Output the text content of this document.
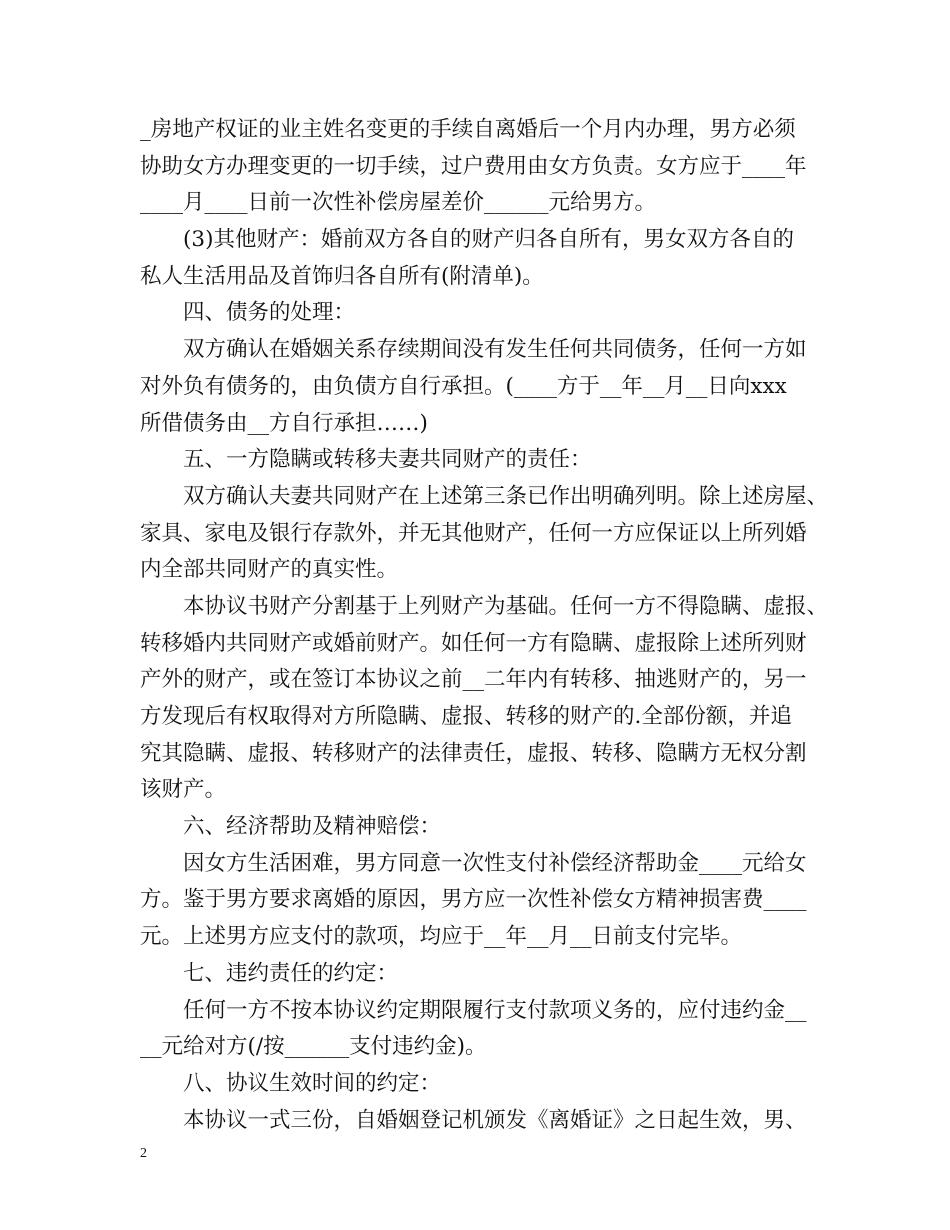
_房地产权证的业主姓名变更的手续自离婚后一个月内办理，男方必须
协助女方办理变更的一切手续，过户费用由女方负责。女方应于____年
____月____日前一次性补偿房屋差价______元给男方。
(3)其他财产：婚前双方各自的财产归各自所有，男女双方各自的
私人生活用品及首饰归各自所有(附清单)。
四、债务的处理：
双方确认在婚姻关系存续期间没有发生任何共同债务，任何一方如
对外负有债务的，由负债方自行承担。(____方于__年__月__日向xxx
所借债务由__方自行承担……)
五、一方隐瞒或转移夫妻共同财产的责任：
双方确认夫妻共同财产在上述第三条已作出明确列明。除上述房屋、
家具、家电及银行存款外，并无其他财产，任何一方应保证以上所列婚
内全部共同财产的真实性。
本协议书财产分割基于上列财产为基础。任何一方不得隐瞒、虚报、
转移婚内共同财产或婚前财产。如任何一方有隐瞒、虚报除上述所列财
产外的财产，或在签订本协议之前__二年内有转移、抽逃财产的，另一
方发现后有权取得对方所隐瞒、虚报、转移的财产的.全部份额，并追
究其隐瞒、虚报、转移财产的法律责任，虚报、转移、隐瞒方无权分割
该财产。
六、经济帮助及精神赔偿：
因女方生活困难，男方同意一次性支付补偿经济帮助金____元给女
方。鉴于男方要求离婚的原因，男方应一次性补偿女方精神损害费____
元。上述男方应支付的款项，均应于__年__月__日前支付完毕。
七、违约责任的约定：
任何一方不按本协议约定期限履行支付款项义务的，应付违约金__
__元给对方(/按______支付违约金)。
八、协议生效时间的约定：
本协议一式三份，自婚姻登记机颁发《离婚证》之日起生效，男、
2
